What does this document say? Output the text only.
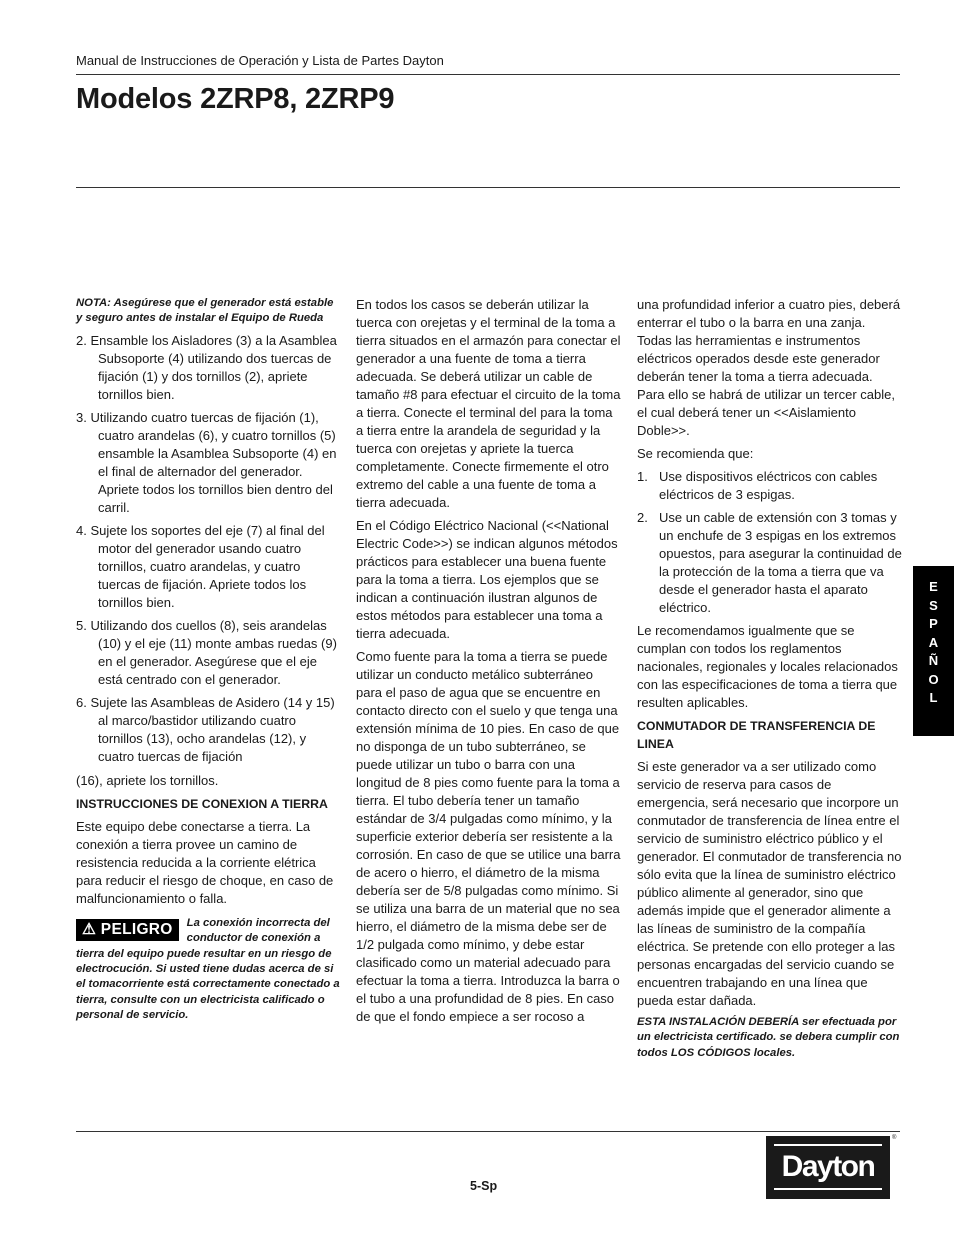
Manual de Instrucciones de Operación y Lista de Partes Dayton
Modelos 2ZRP8, 2ZRP9

NOTA: Asegúrese que el generador está estable y seguro antes de instalar el Equipo de Rueda

2. Ensamble los Aisladores (3) a la Asamblea Subsoporte (4) utilizando dos tuercas de fijación (1) y dos tornillos (2), apriete tornillos bien.

3. Utilizando cuatro tuercas de fijación (1), cuatro arandelas (6), y cuatro tornillos (5) ensamble la Asamblea Subsoporte (4) en el final de alternador del generador. Apriete todos los tornillos bien dentro del carril.

4. Sujete los soportes del eje (7) al final del motor del generador usando cuatro tornillos, cuatro arandelas, y cuatro tuercas de fijación. Apriete todos los tornillos bien.

5. Utilizando dos cuellos (8), seis arandelas (10) y el eje (11) monte ambas ruedas (9) en el generador. Asegúrese que el eje está centrado con el generador.

6. Sujete las Asambleas de Asidero (14 y 15) al marco/bastidor utilizando cuatro tornillos (13), ocho arandelas (12), y cuatro tuercas de fijación

(16), apriete los tornillos.

INSTRUCCIONES DE CONEXION A TIERRA

Este equipo debe conectarse a tierra. La conexión a tierra provee un camino de resistencia reducida a la corriente elétrica para reducir el riesgo de choque, en caso de malfuncionamiento o falla.

⚠ PELIGRO	La conexión incorrecta del conductor de conexión a tierra del equipo puede resultar en un riesgo de electrocución. Si usted tiene dudas acerca de si el tomacorriente está correctamente conectado a tierra, consulte con un electricista calificado o personal de servicio.

En todos los casos se deberán utilizar la tuerca con orejetas y el terminal de la toma a tierra situados en el armazón para conectar el generador a una fuente de toma a tierra adecuada. Se deberá utilizar un cable de tamaño #8 para efectuar el circuito de la toma a tierra. Conecte el terminal del para la toma a tierra entre la arandela de seguridad y la tuerca con orejetas y apriete la tuerca completamente. Conecte firmemente el otro extremo del cable a una fuente de toma a tierra adecuada.

En el Código Eléctrico Nacional (<<National Electric Code>>) se indican algunos métodos prácticos para establecer una buena fuente para la toma a tierra. Los ejemplos que se indican a continuación ilustran algunos de estos métodos para establecer una toma a tierra adecuada.

Como fuente para la toma a tierra se puede utilizar un conducto metálico subterráneo para el paso de agua que se encuentre en contacto directo con el suelo y que tenga una extensión mínima de 10 pies. En caso de que no disponga de un tubo subterráneo, se puede utilizar un tubo o barra con una longitud de 8 pies como fuente para la toma a tierra. El tubo debería tener un tamaño estándar de 3/4 pulgadas como mínimo, y la superficie exterior debería ser resistente a la corrosión. En caso de que se utilice una barra de acero o hierro, el diámetro de la misma debería ser de 5/8 pulgadas como mínimo. Si se utiliza una barra de un material que no sea hierro, el diámetro de la misma debe ser de 1/2 pulgada como mínimo, y debe estar clasificado como un material adecuado para efectuar la toma a tierra. Introduzca la barra o el tubo a una profundidad de 8 pies. En caso de que el fondo empiece a ser rocoso a

una profundidad inferior a cuatro pies, deberá enterrar el tubo o la barra en una zanja. Todas las herramientas e instrumentos eléctricos operados desde este generador deberán tener la toma a tierra adecuada. Para ello se habrá de utilizar un tercer cable, el cual deberá tener un <<Aislamiento Doble>>.

Se recomienda que:

1. Use dispositivos eléctricos con cables eléctricos de 3 espigas.
2. Use un cable de extensión con 3 tomas y un enchufe de 3 espigas en los extremos opuestos, para asegurar la continuidad de la protección de la toma a tierra que va desde el generador hasta el aparato eléctrico.

Le recomendamos igualmente que se cumplan con todos los reglamentos nacionales, regionales y locales relacionados con las especificaciones de toma a tierra que resulten aplicables.

CONMUTADOR DE TRANSFERENCIA DE LINEA

Si este generador va a ser utilizado como servicio de reserva para casos de emergencia, será necesario que incorpore un conmutador de transferencia de línea entre el servicio de suministro eléctrico público y el generador. El conmutador de transferencia no sólo evita que la línea de suministro eléctrico público alimente al generador, sino que además impide que el generador alimente a las líneas de suministro de la compañía eléctrica. Se pretende con ello proteger a las personas encargadas del servicio cuando se encuentren trabajando en una línea que pueda estar dañada.

ESTA INSTALACIÓN DEBERÍA ser efectuada por un electricista certificado. se debera cumplir con todos LOS CÓDIGOS locales.

E
S
P
A
Ñ
O
L
5-Sp
Dayton
®
